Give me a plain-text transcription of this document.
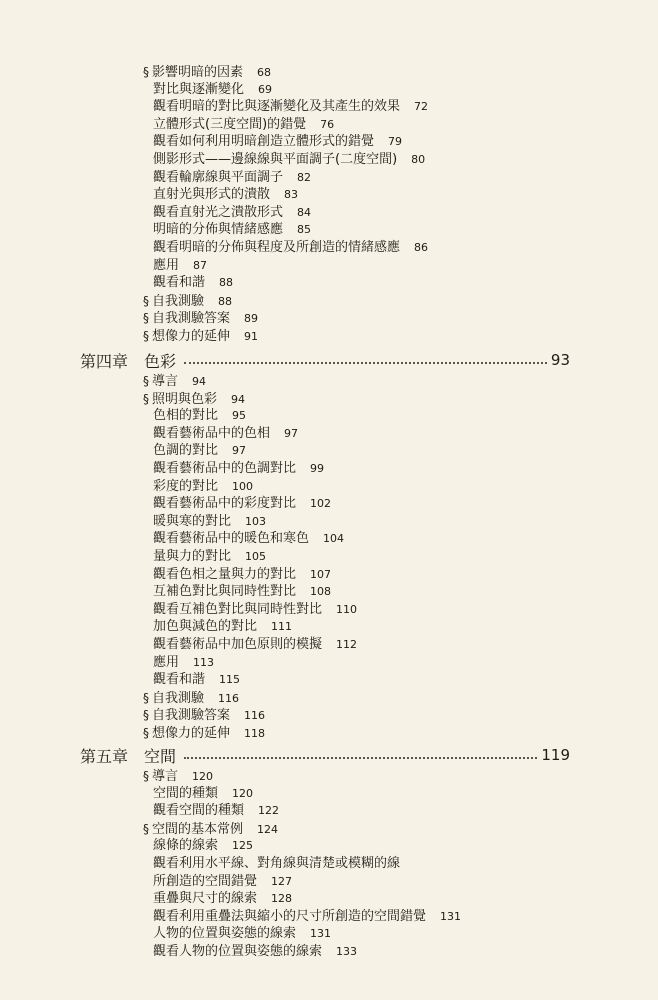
§ 影響明暗的因素 68
對比與逐漸變化 69
觀看明暗的對比與逐漸變化及其產生的效果 72
立體形式(三度空間)的錯覺 76
觀看如何利用明暗創造立體形式的錯覺 79
側影形式——邊線線與平面調子(二度空間) 80
觀看輪廓線與平面調子 82
直射光與形式的潰散 83
觀看直射光之潰散形式 84
明暗的分佈與情緒感應 85
觀看明暗的分佈與程度及所創造的情緒感應 86
應用 87
觀看和諧 88
§ 自我測驗 88
§ 自我測驗答案 89
§ 想像力的延伸 91
第四章 色彩	93
§ 導言 94
§ 照明與色彩 94
色相的對比 95
觀看藝術品中的色相 97
色調的對比 97
觀看藝術品中的色調對比 99
彩度的對比 100
觀看藝術品中的彩度對比 102
暖與寒的對比 103
觀看藝術品中的暖色和寒色 104
量與力的對比 105
觀看色相之量與力的對比 107
互補色對比與同時性對比 108
觀看互補色對比與同時性對比 110
加色與減色的對比 111
觀看藝術品中加色原則的模擬 112
應用 113
觀看和諧 115
§ 自我測驗 116
§ 自我測驗答案 116
§ 想像力的延伸 118
第五章 空間	119
§ 導言 120
空間的種類 120
觀看空間的種類 122
§ 空間的基本常例 124
線條的線索 125
觀看利用水平線、對角線與清楚或模糊的線
所創造的空間錯覺 127
重疊與尺寸的線索 128
觀看利用重疊法與縮小的尺寸所創造的空間錯覺 131
人物的位置與姿態的線索 131
觀看人物的位置與姿態的線索 133
